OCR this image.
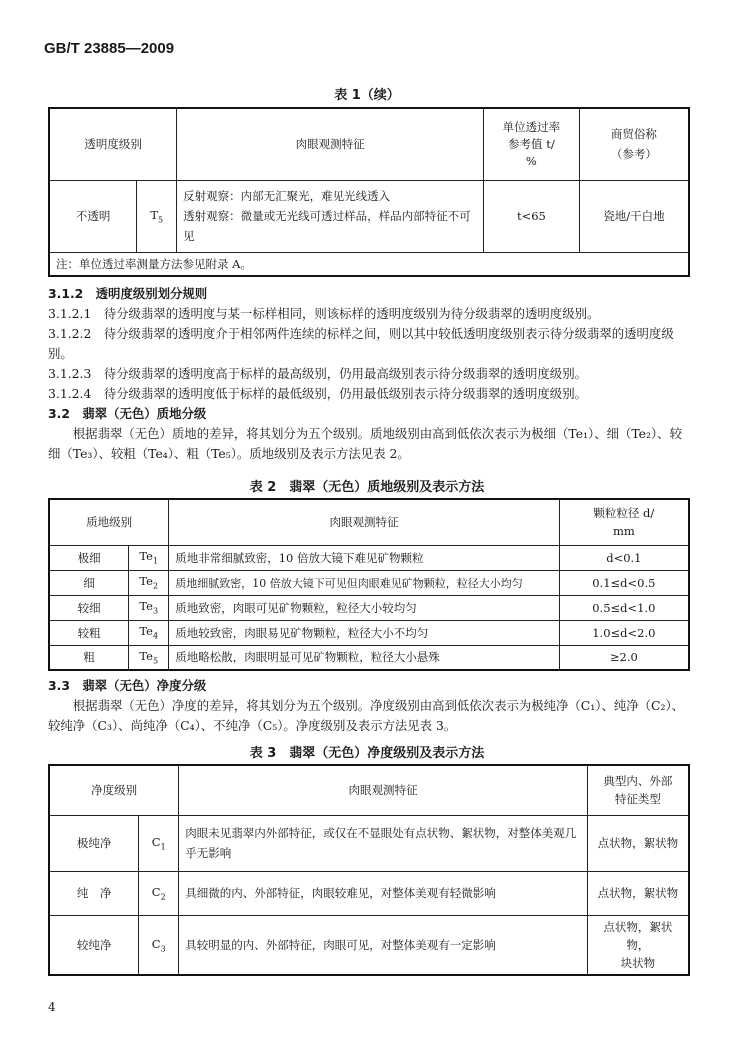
GB/T 23885—2009
表 1（续）
透明度级别		肉眼观测特征	单位透过率
参考值 t/
%	商贸俗称
（参考）
不透明	$T_5$	反射观察：内部无汇聚光，难见光线透入
透射观察：微量或无光线可透过样品，样品内部特征不可见	t<65	瓷地/干白地
注：单位透过率测量方法参见附录 A。				

3.1.2　 透明度级别划分规则

3.1.2.1　待分级翡翠的透明度与某一标样相同，则该标样的透明度级别为待分级翡翠的透明度级别。

3.1.2.2　待分级翡翠的透明度介于相邻两件连续的标样之间，则以其中较低透明度级别表示待分级翡翠的透明度级别。

3.1.2.3　待分级翡翠的透明度高于标样的最高级别，仍用最高级别表示待分级翡翠的透明度级别。

3.1.2.4　待分级翡翠的透明度低于标样的最低级别，仍用最低级别表示待分级翡翠的透明度级别。

3.2　翡翠（无色）质地分级

根据翡翠（无色）质地的差异，将其划分为五个级别。质地级别由高到低依次表示为极细（Te₁）、细（Te₂）、较细（Te₃）、较粗（Te₄）、粗（Te₅）。质地级别及表示方法见表 2。

表 2　翡翠（无色）质地级别及表示方法
质地级别		肉眼观测特征	颗粒粒径 d/
mm
极细	$Te_1$	质地非常细腻致密，10 倍放大镜下难见矿物颗粒	d<0.1
细	$Te_2$	质地细腻致密，10 倍放大镜下可见但肉眼难见矿物颗粒，粒径大小均匀	0.1≤d<0.5
较细	$Te_3$	质地致密，肉眼可见矿物颗粒，粒径大小较均匀	0.5≤d<1.0
较粗	$Te_4$	质地较致密，肉眼易见矿物颗粒，粒径大小不均匀	1.0≤d<2.0
粗	$Te_5$	质地略松散，肉眼明显可见矿物颗粒，粒径大小悬殊	≥2.0

3.3　翡翠（无色）净度分级

根据翡翠（无色）净度的差异，将其划分为五个级别。净度级别由高到低依次表示为极纯净（C₁）、纯净（C₂）、较纯净（C₃）、尚纯净（C₄）、不纯净（C₅）。净度级别及表示方法见表 3。

表 3　翡翠（无色）净度级别及表示方法
净度级别		肉眼观测特征	典型内、外部
特征类型
极纯净	$C_1$	肉眼未见翡翠内外部特征，或仅在不显眼处有点状物、絮状物，对整体美观几乎无影响	点状物，絮状物
纯　净	$C_2$	具细微的内、外部特征，肉眼较难见，对整体美观有轻微影响	点状物，絮状物
较纯净	$C_3$	具较明显的内、外部特征，肉眼可见，对整体美观有一定影响	点状物，絮状物，
块状物
4
